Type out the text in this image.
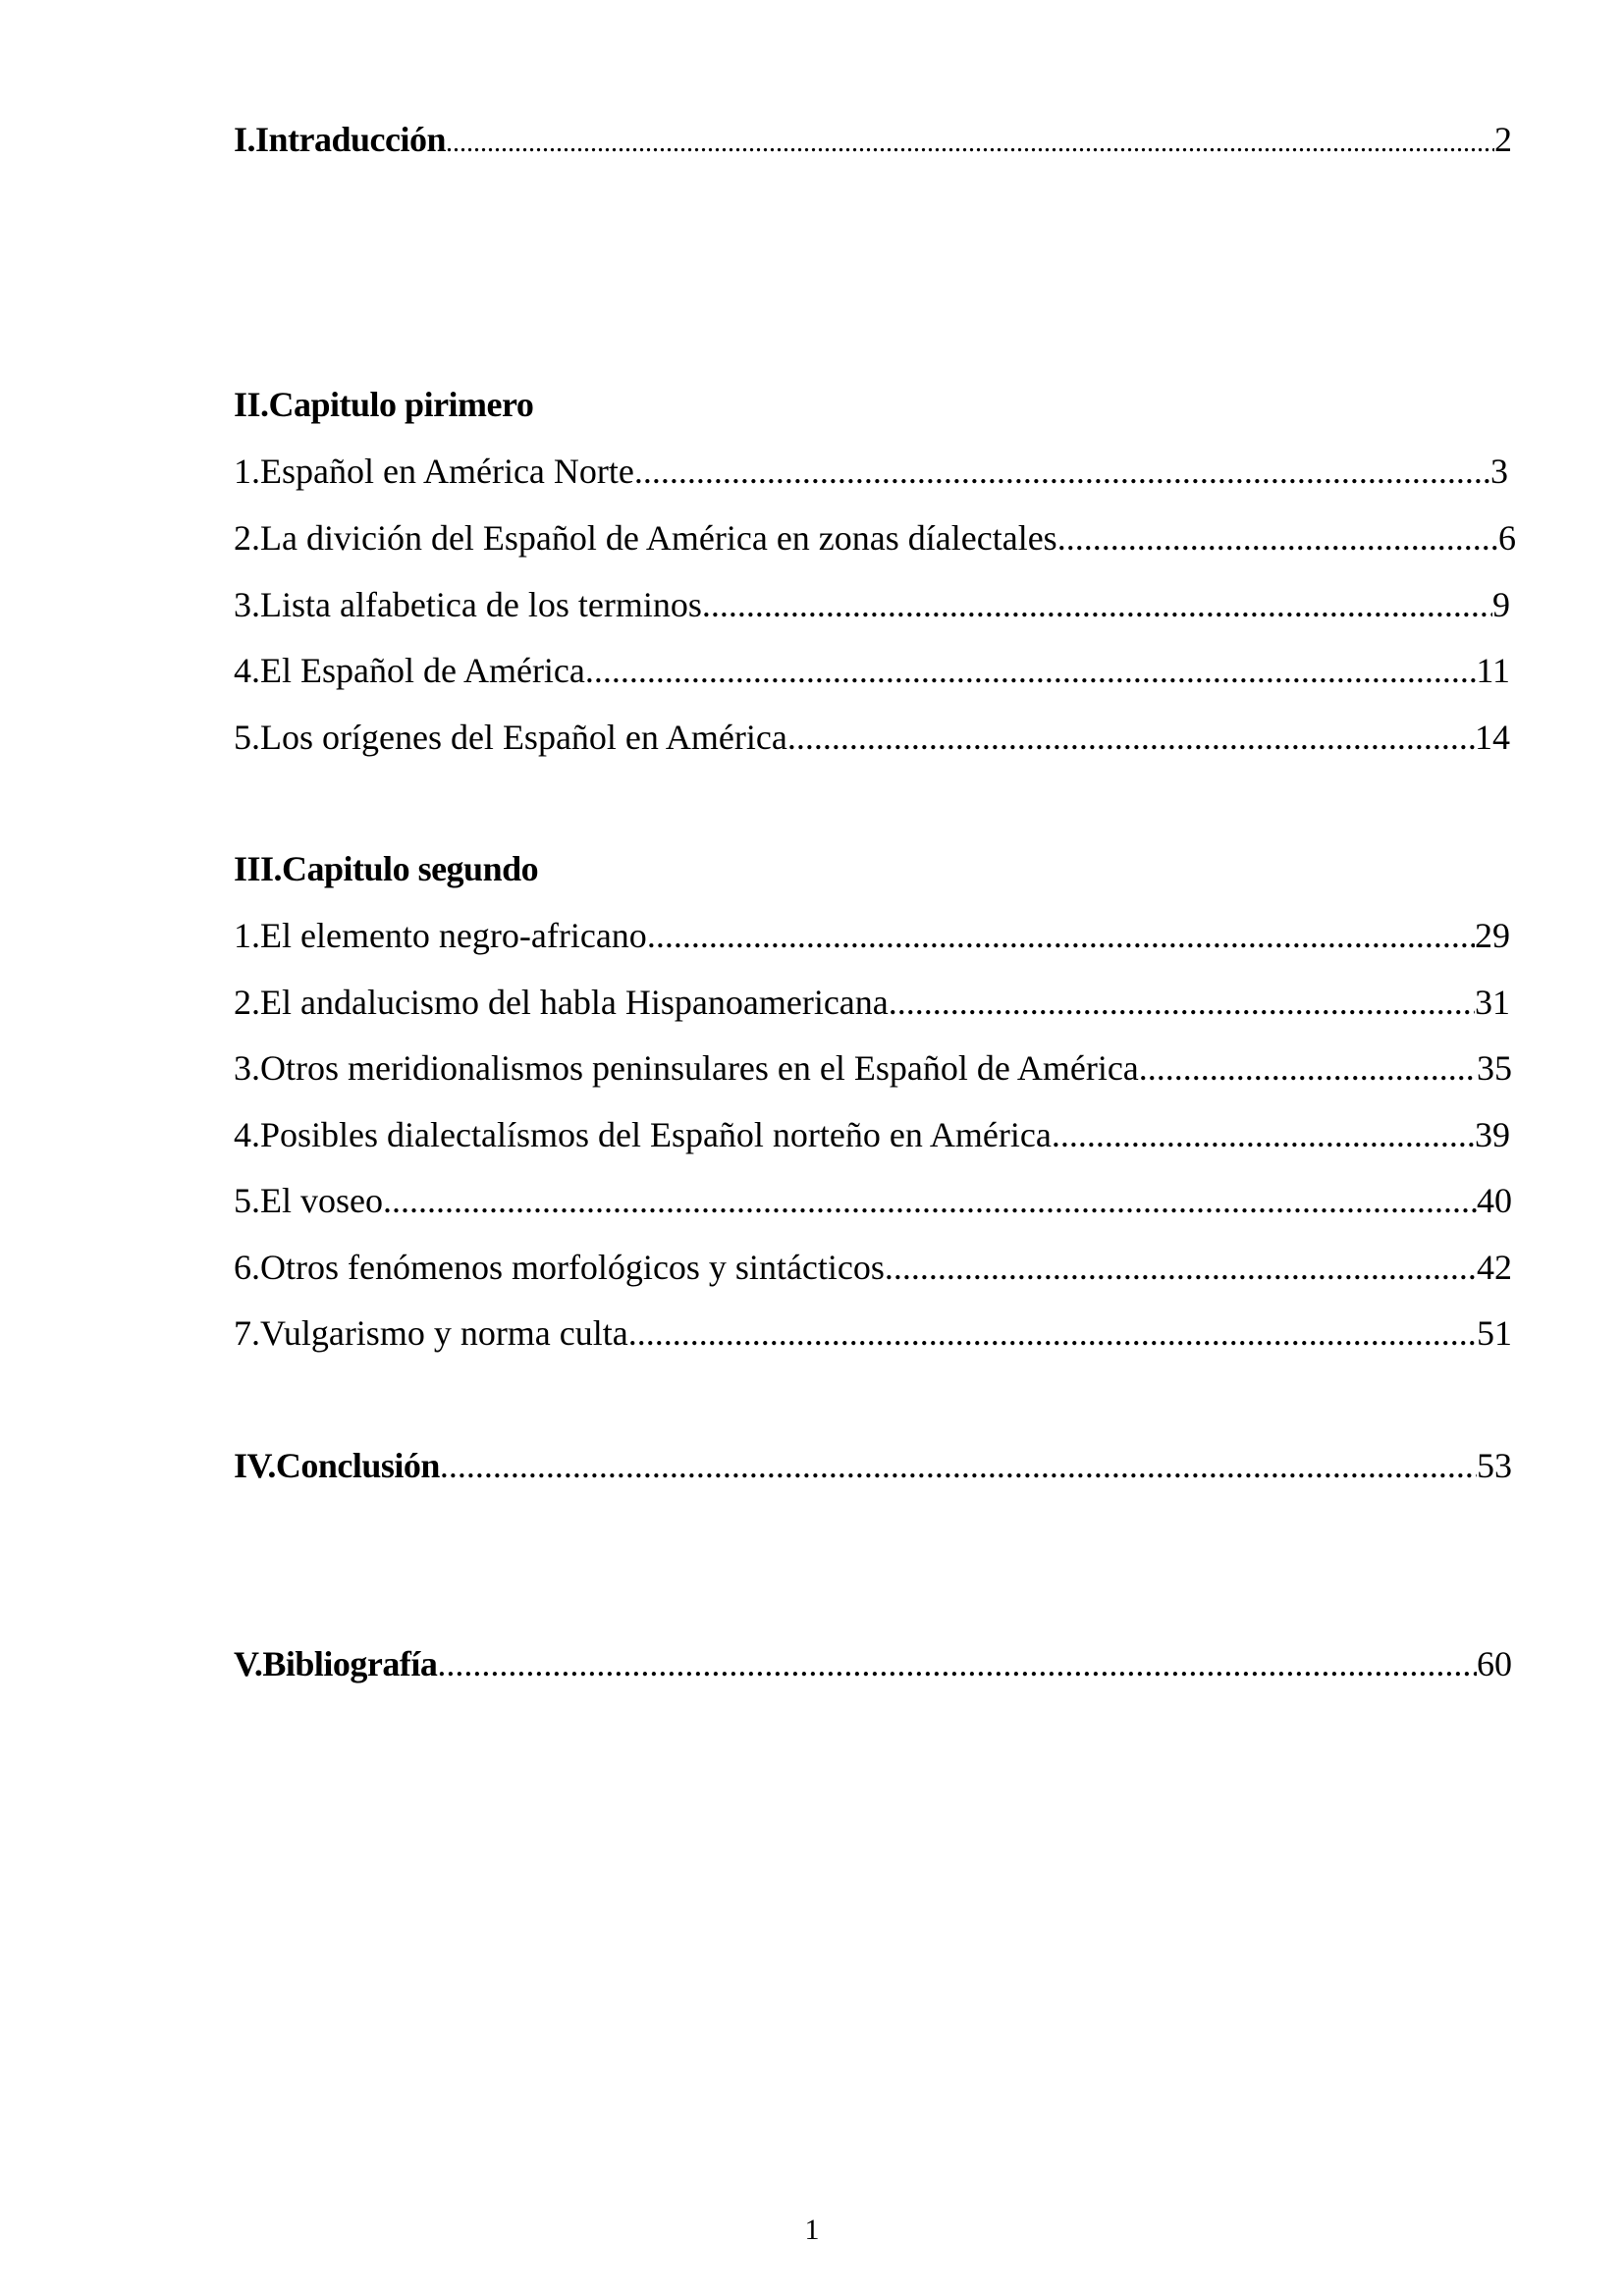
I.Intraducción .....	2
II.Capitulo pirimero
1.Español en América Norte .....	3
2.La divición del Español de América en zonas díalectales .....	6
3.Lista alfabetica de los terminos .....	9
4.El Español de América .....	11
5.Los orígenes del Español en América .....	14
III.Capitulo segundo
1.El elemento negro-africano .....	29
2.El andalucismo del habla Hispanoamericana .....	31
3.Otros meridionalismos peninsulares en el Español de América .....	35
4.Posibles dialectalísmos del Español norteño en América .....	39
5.El voseo .....	40
6.Otros fenómenos morfológicos y sintácticos .....	42
7.Vulgarismo y norma culta .....	51
IV.Conclusión .....	53
V.Bibliografía .....	60
1
